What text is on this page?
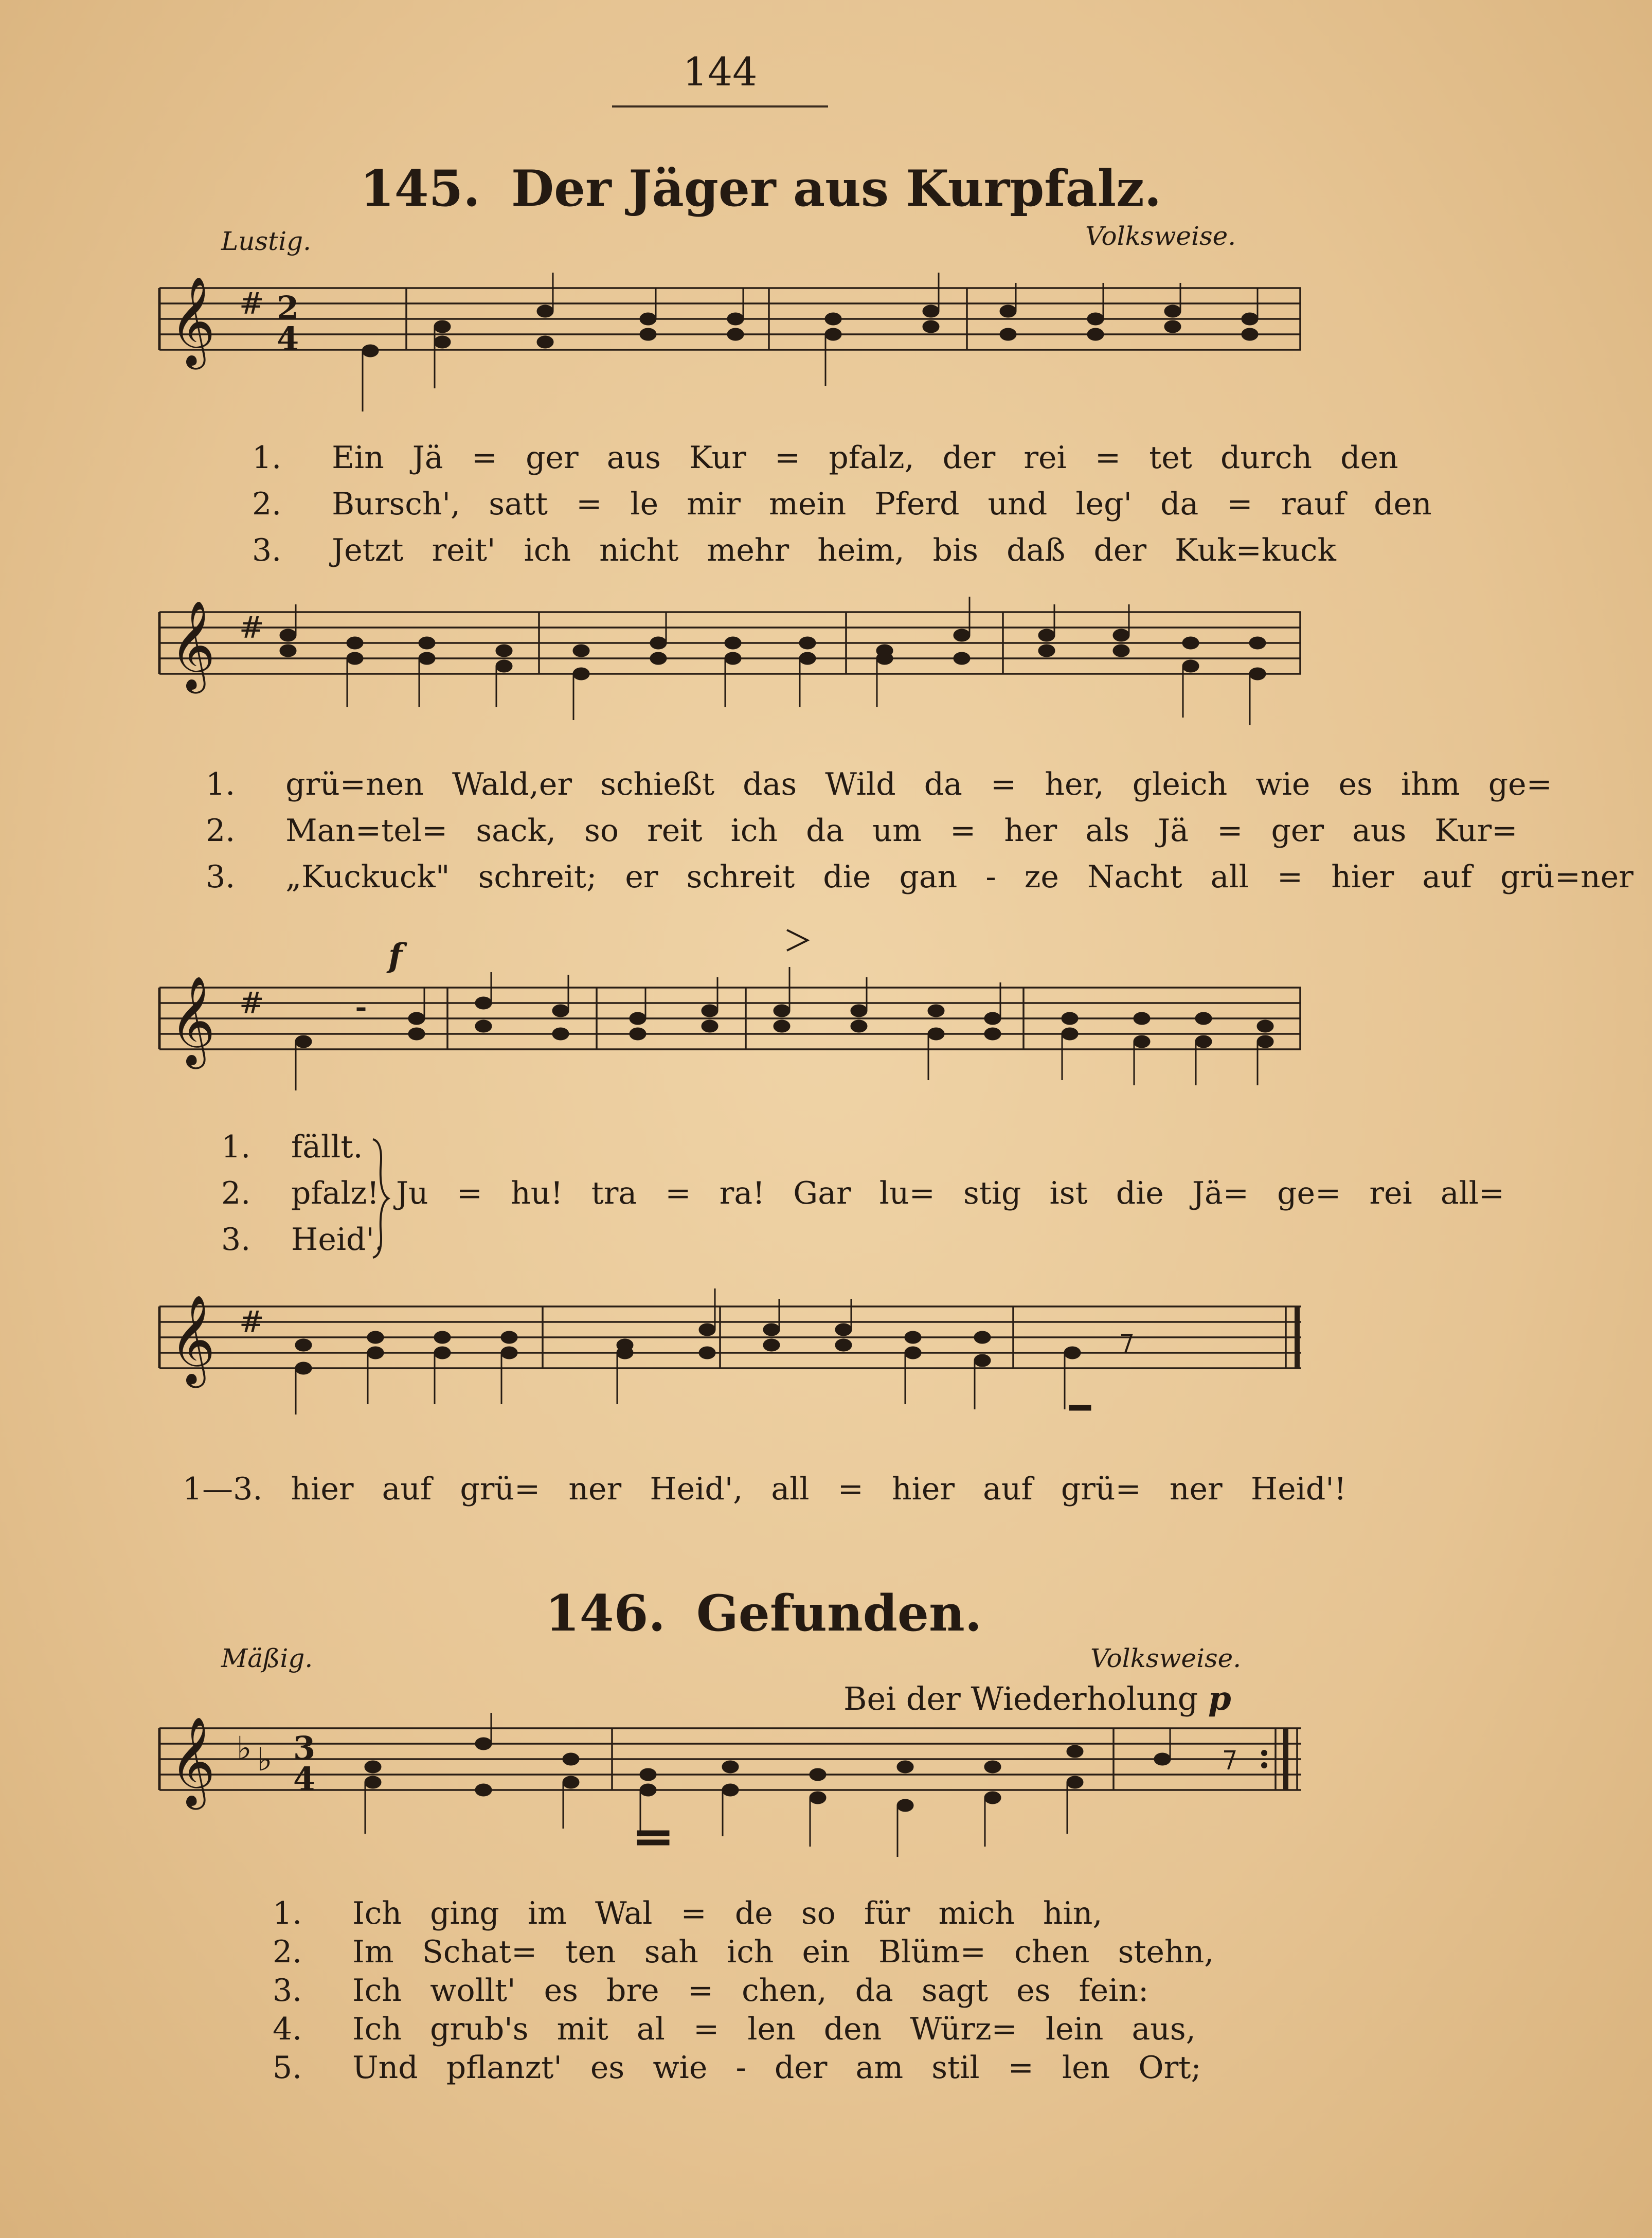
144
145. Der Jäger aus Kurpfalz.
Lustig.	Volksweise.
𝄞 # 2
4
1. Ein Jä = ger aus Kur = pfalz, der rei = tet durch den
2. Bursch', satt = le mir mein Pferd und leg' da = rauf den
3. Jetzt reit' ich nicht mehr heim, bis daß der Kuk=kuck
𝄞 #
1. grü=nen Wald,er schießt das Wild da = her, gleich wie es ihm ge=
2. Man=tel= sack, so reit ich da um = her als Jä = ger aus Kur=
3. „Kuckuck" schreit; er schreit die gan - ze Nacht all = hier auf grü=ner
𝄞 #
f
1. fällt.
2. pfalz!
3. Heid'.
Ju = hu! tra = ra! Gar lu= stig ist die Jä= ge= rei all=
𝄞 #
1—3. hier auf grü= ner Heid', all = hier auf grü= ner Heid'!
146. Gefunden.
Mäßig.	Volksweise.
Bei der Wiederholung p
𝄞 ♭ ♭ 3
4
1. Ich ging im Wal = de so für mich hin,
2. Im Schat= ten sah ich ein Blüm= chen stehn,
3. Ich wollt' es bre = chen, da sagt es fein:
4. Ich grub's mit al = len den Würz= lein aus,
5. Und pflanzt' es wie - der am stil = len Ort;
